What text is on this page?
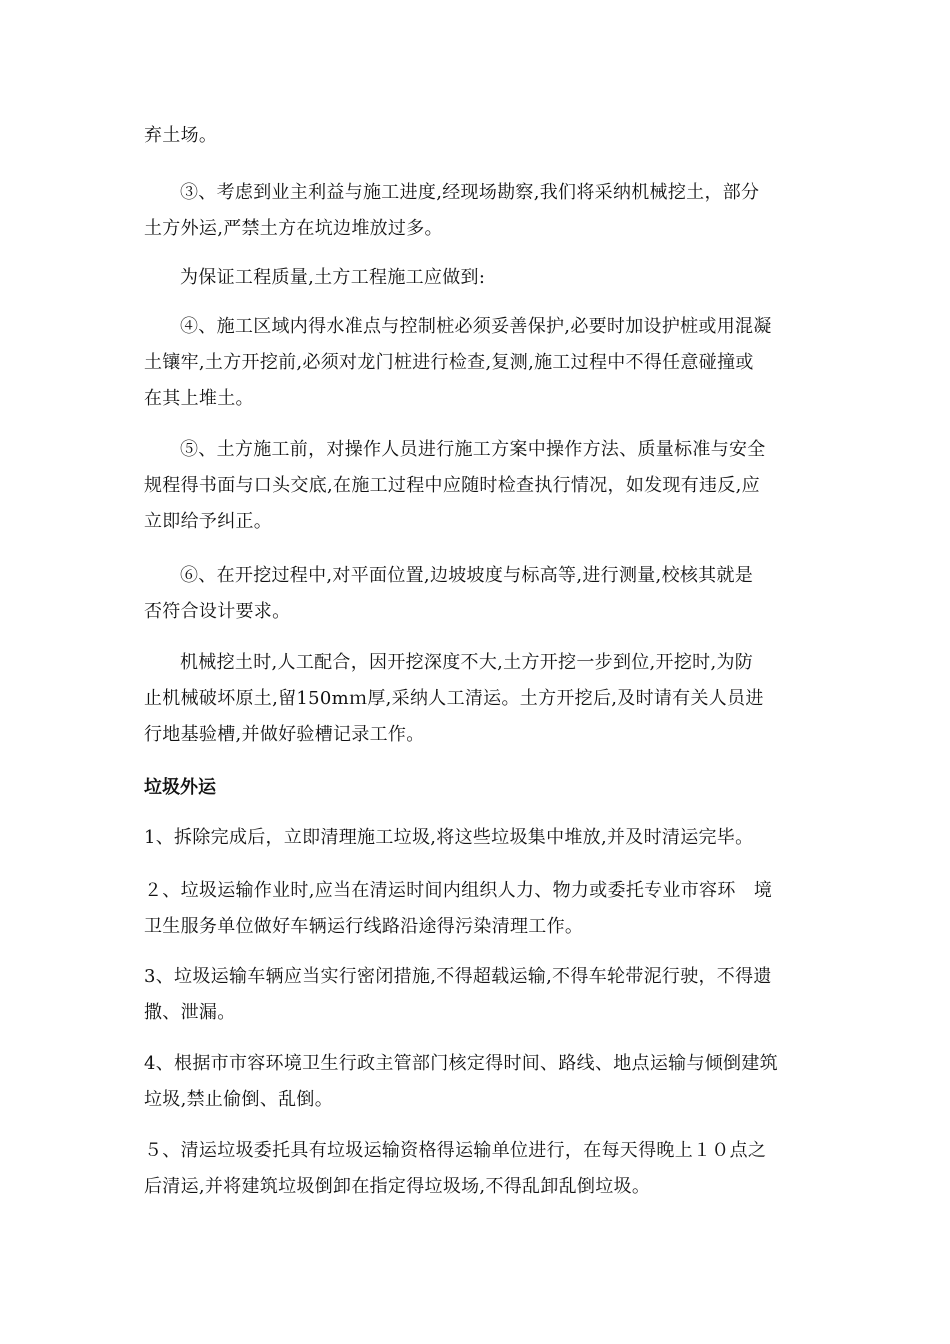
弃土场。

③、考虑到业主利益与施工进度,经现场勘察,我们将采纳机械挖土，部分
土方外运,严禁土方在坑边堆放过多。

为保证工程质量,土方工程施工应做到:

④、施工区域内得水准点与控制桩必须妥善保护,必要时加设护桩或用混凝
土镶牢,土方开挖前,必须对龙门桩进行检查,复测,施工过程中不得任意碰撞或
在其上堆土。

⑤、土方施工前，对操作人员进行施工方案中操作方法、质量标准与安全
规程得书面与口头交底,在施工过程中应随时检查执行情况，如发现有违反,应
立即给予纠正。

⑥、在开挖过程中,对平面位置,边坡坡度与标高等,进行测量,校核其就是
否符合设计要求。

机械挖土时,人工配合，因开挖深度不大,土方开挖一步到位,开挖时,为防
止机械破坏原土,留150mｍ厚,采纳人工清运。土方开挖后,及时请有关人员进
行地基验槽,并做好验槽记录工作。

垃圾外运

1、拆除完成后，立即清理施工垃圾,将这些垃圾集中堆放,并及时清运完毕。

２、垃圾运输作业时,应当在清运时间内组织人力、物力或委托专业市容环　境
卫生服务单位做好车辆运行线路沿途得污染清理工作。

3、垃圾运输车辆应当实行密闭措施,不得超载运输,不得车轮带泥行驶，不得遗
撒、泄漏。

4、根据市市容环境卫生行政主管部门核定得时间、路线、地点运输与倾倒建筑
垃圾,禁止偷倒、乱倒。

５、清运垃圾委托具有垃圾运输资格得运输单位进行，在每天得晚上１０点之
后清运,并将建筑垃圾倒卸在指定得垃圾场,不得乱卸乱倒垃圾。
